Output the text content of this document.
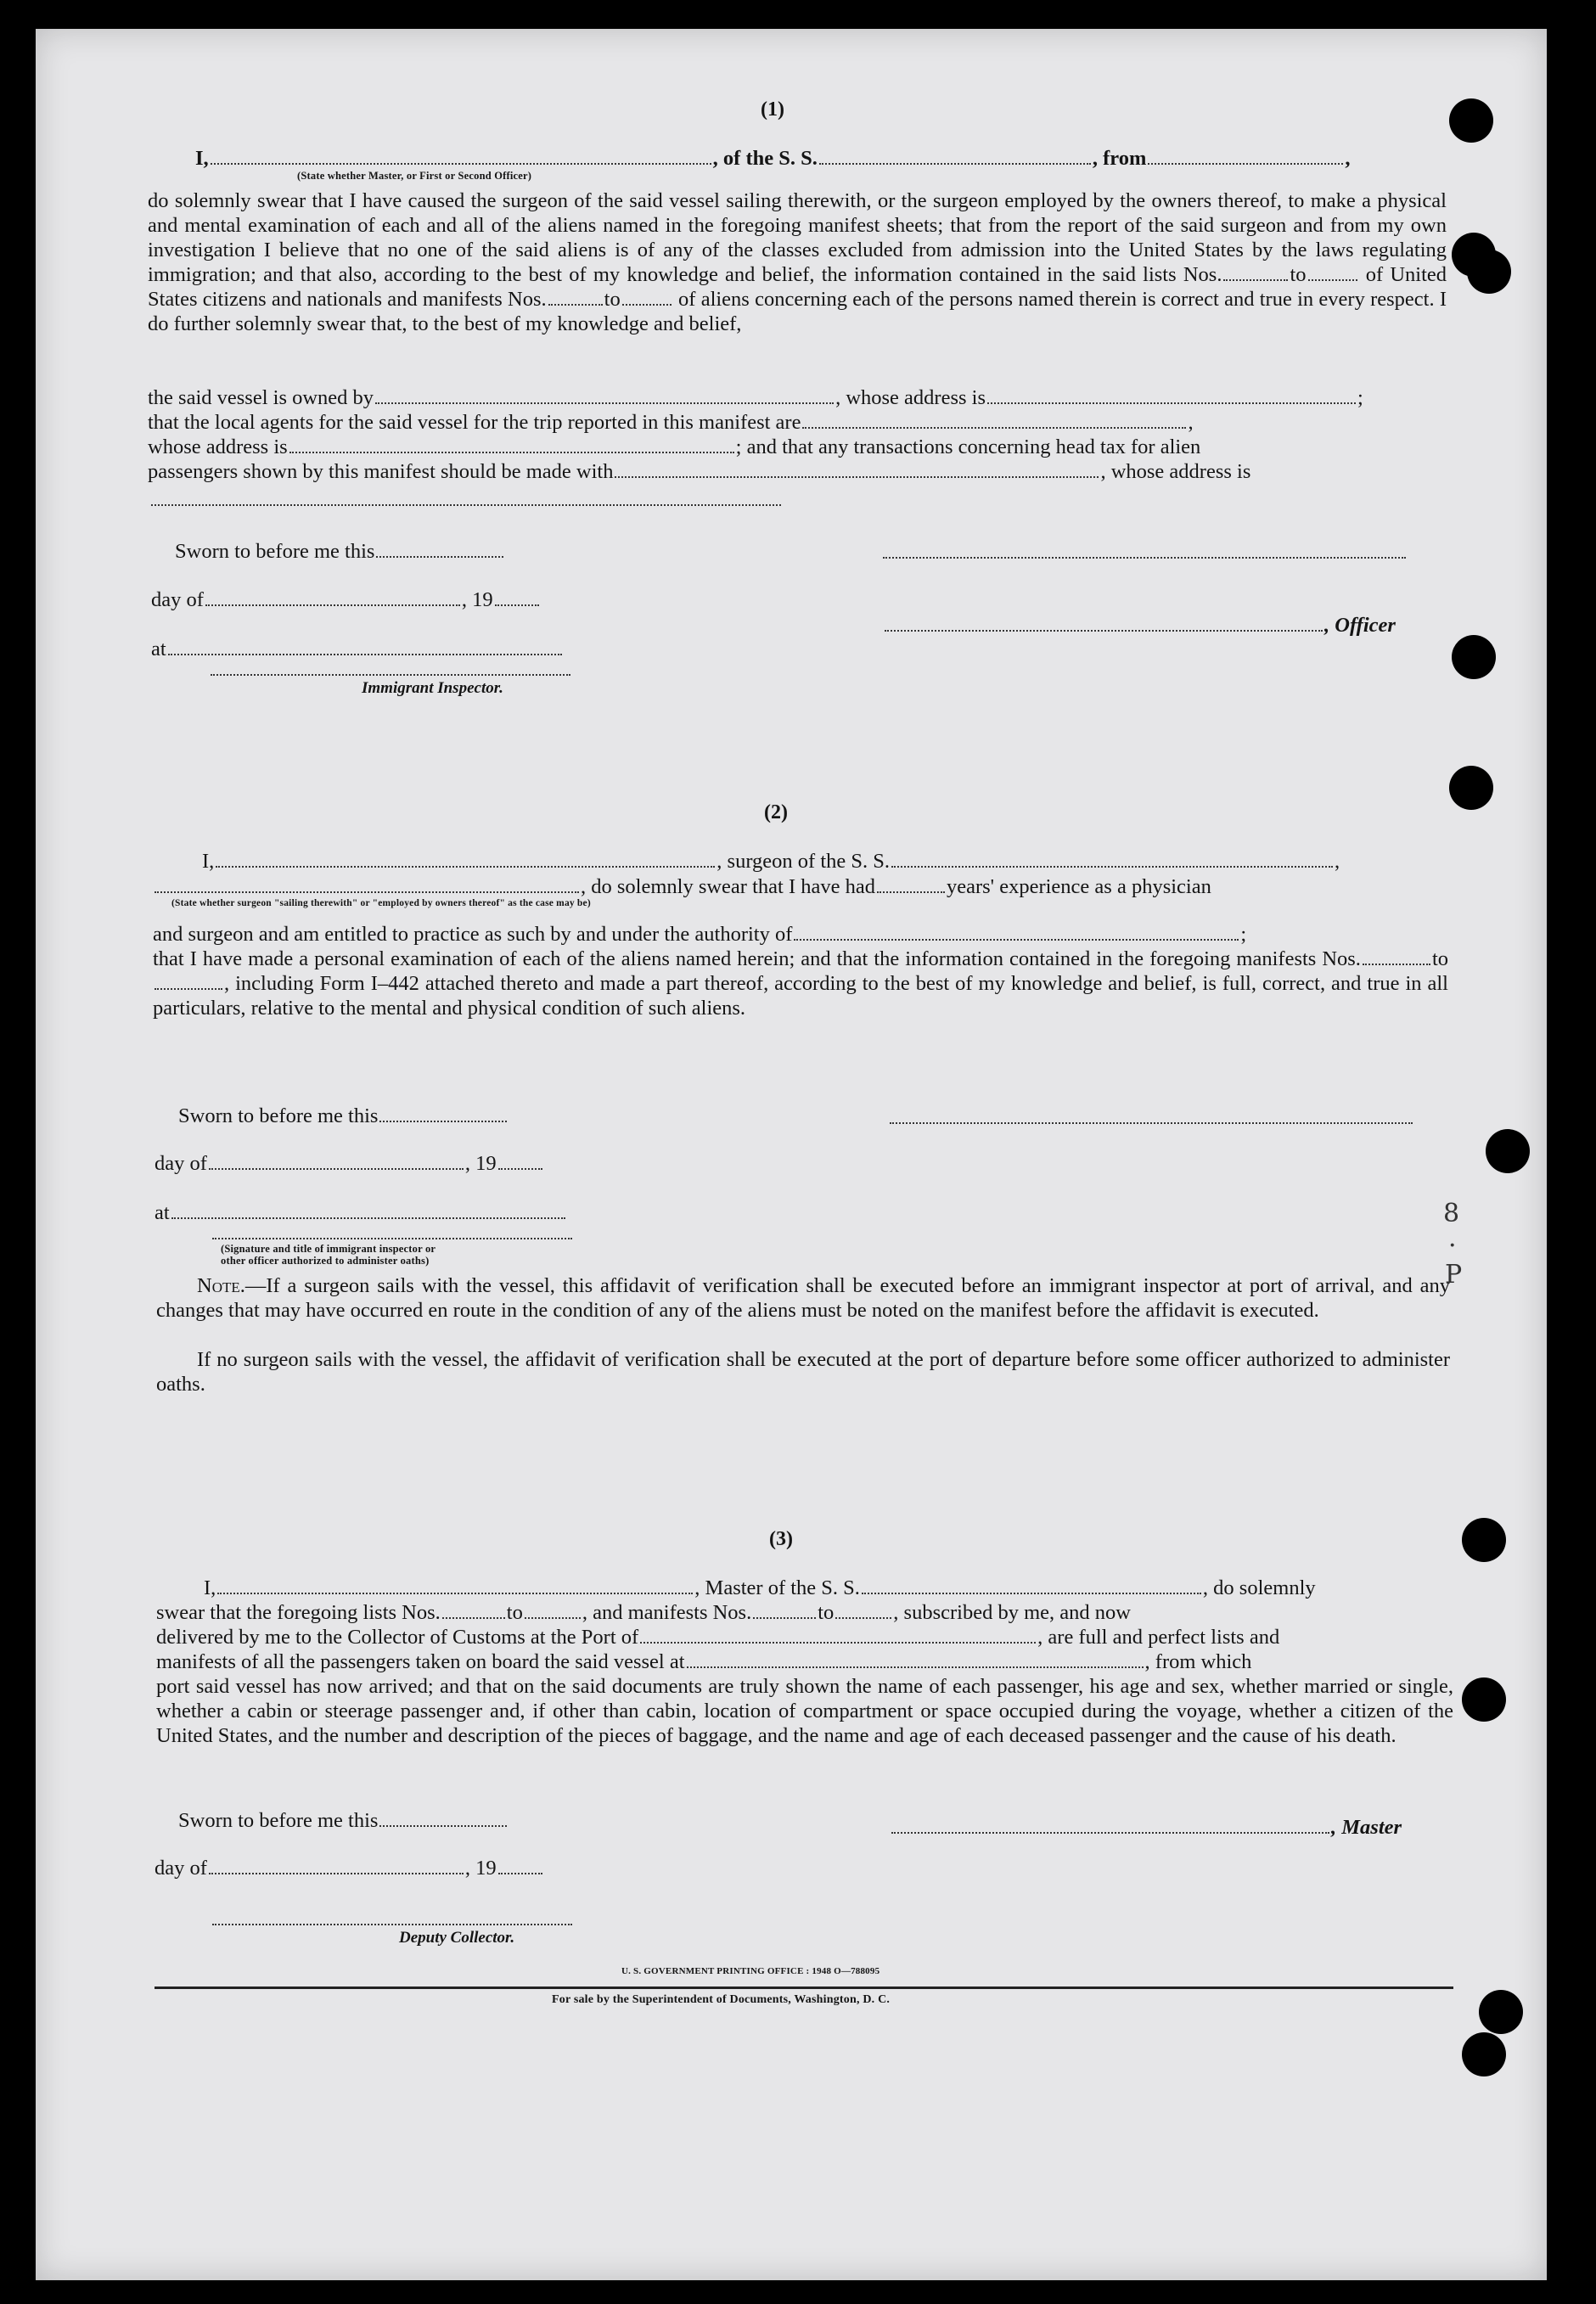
(1)
I,	, of the S. S.	, from	,
(State whether Master, or First or Second Officer)
do solemnly swear that I have caused the surgeon of the said vessel sailing therewith, or the surgeon employed by the owners thereof, to make a physical and mental examination of each and all of the aliens named in the foregoing manifest sheets; that from the report of the said surgeon and from my own investigation I believe that no one of the said aliens is of any of the classes excluded from admission into the United States by the laws regulating immigration; and that also, according to the best of my knowledge and belief, the information contained in the said lists Nos.	to	of United States citizens and nationals and manifests Nos.	to	of aliens concerning each of the persons named therein is correct and true in every respect. I do further solemnly swear that, to the best of my knowledge and belief,
the said vessel is owned by	, whose address is	;
that the local agents for the said vessel for the trip reported in this manifest are	,
whose address is	; and that any transactions concerning head tax for alien
passengers shown by this manifest should be made with	, whose address is
Sworn to before me this
day of	, 19
, Officer
at
Immigrant Inspector.
(2)
I,	, surgeon of the S. S.	,
, do solemnly swear that I have had	years' experience as a physician
(State whether surgeon "sailing therewith" or "employed by owners thereof" as the case may be)
and surgeon and am entitled to practice as such by and under the authority of	;
that I have made a personal examination of each of the aliens named herein; and that the information contained in the foregoing manifests Nos.	to, including Form I–442 attached thereto and made a part thereof, according to the best of my knowledge and belief, is full, correct, and true in all particulars, relative to the mental and physical condition of such aliens.
Sworn to before me this
day of	, 19
at
(Signature and title of immigrant inspector or
other officer authorized to administer oaths)
Note.—If a surgeon sails with the vessel, this affidavit of verification shall be executed before an immigrant inspector at port of arrival, and any changes that may have occurred en route in the condition of any of the aliens must be noted on the manifest before the affidavit is executed.
If no surgeon sails with the vessel, the affidavit of verification shall be executed at the port of departure before some officer authorized to administer oaths.
(3)
I,	, Master of the S. S.	, do solemnly
swear that the foregoing lists Nos.	to	, and manifests Nos.	to	, subscribed by me, and now
delivered by me to the Collector of Customs at the Port of	, are full and perfect lists and
manifests of all the passengers taken on board the said vessel at	, from which
port said vessel has now arrived; and that on the said documents are truly shown the name of each passenger, his age and sex, whether married or single, whether a cabin or steerage passenger and, if other than cabin, location of compartment or space occupied during the voyage, whether a citizen of the United States, and the number and description of the pieces of baggage, and the name and age of each deceased passenger and the cause of his death.
Sworn to before me this	, Master
day of	, 19
Deputy Collector.
U. S. GOVERNMENT PRINTING OFFICE : 1948 O—788095
For sale by the Superintendent of Documents, Washington, D. C.
8
·
P
